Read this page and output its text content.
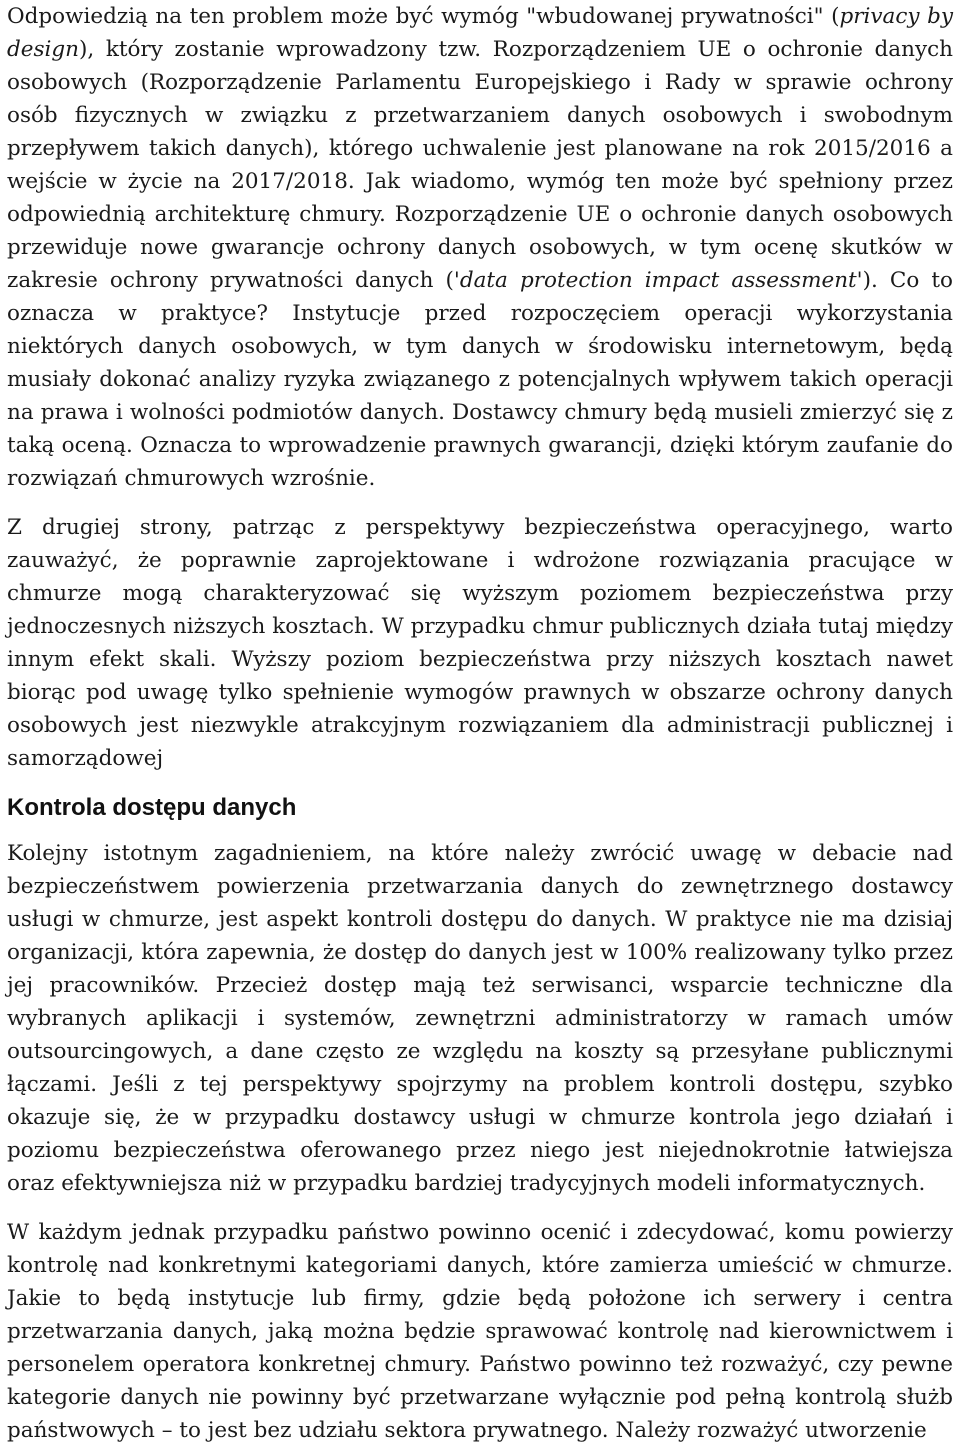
Odpowiedzią na ten problem może być wymóg "wbudowanej prywatności" (privacy by design), który zostanie wprowadzony tzw. Rozporządzeniem UE o ochronie danych osobowych (Rozporządzenie Parlamentu Europejskiego i Rady w sprawie ochrony osób fizycznych w związku z przetwarzaniem danych osobowych i swobodnym przepływem takich danych), którego uchwalenie jest planowane na rok 2015/2016 a wejście w życie na 2017/2018. Jak wiadomo, wymóg ten może być spełniony przez odpowiednią architekturę chmury. Rozporządzenie UE o ochronie danych osobowych przewiduje nowe gwarancje ochrony danych osobowych, w tym ocenę skutków w zakresie ochrony prywatności danych ('data protection impact assessment'). Co to oznacza w praktyce? Instytucje przed rozpoczęciem operacji wykorzystania niektórych danych osobowych, w tym danych w środowisku internetowym, będą musiały dokonać analizy ryzyka związanego z potencjalnych wpływem takich operacji na prawa i wolności podmiotów danych. Dostawcy chmury będą musieli zmierzyć się z taką oceną. Oznacza to wprowadzenie prawnych gwarancji, dzięki którym zaufanie do rozwiązań chmurowych wzrośnie.

Z drugiej strony, patrząc z perspektywy bezpieczeństwa operacyjnego, warto zauważyć, że poprawnie zaprojektowane i wdrożone rozwiązania pracujące w chmurze mogą charakteryzować się wyższym poziomem bezpieczeństwa przy jednoczesnych niższych kosztach. W przypadku chmur publicznych działa tutaj między innym efekt skali. Wyższy poziom bezpieczeństwa przy niższych kosztach nawet biorąc pod uwagę tylko spełnienie wymogów prawnych w obszarze ochrony danych osobowych jest niezwykle atrakcyjnym rozwiązaniem dla administracji publicznej i samorządowej

Kontrola dostępu danych

Kolejny istotnym zagadnieniem, na które należy zwrócić uwagę w debacie nad bezpieczeństwem powierzenia przetwarzania danych do zewnętrznego dostawcy usługi w chmurze, jest aspekt kontroli dostępu do danych. W praktyce nie ma dzisiaj organizacji, która zapewnia, że dostęp do danych jest w 100% realizowany tylko przez jej pracowników. Przecież dostęp mają też serwisanci, wsparcie techniczne dla wybranych aplikacji i systemów, zewnętrzni administratorzy w ramach umów outsourcingowych, a dane często ze względu na koszty są przesyłane publicznymi łączami. Jeśli z tej perspektywy spojrzymy na problem kontroli dostępu, szybko okazuje się, że w przypadku dostawcy usługi w chmurze kontrola jego działań i poziomu bezpieczeństwa oferowanego przez niego jest niejednokrotnie łatwiejsza oraz efektywniejsza niż w przypadku bardziej tradycyjnych modeli informatycznych.

W każdym jednak przypadku państwo powinno ocenić i zdecydować, komu powierzy kontrolę nad konkretnymi kategoriami danych, które zamierza umieścić w chmurze. Jakie to będą instytucje lub firmy, gdzie będą położone ich serwery i centra przetwarzania danych, jaką można będzie sprawować kontrolę nad kierownictwem i personelem operatora konkretnej chmury. Państwo powinno też rozważyć, czy pewne kategorie danych nie powinny być przetwarzane wyłącznie pod pełną kontrolą służb państwowych – to jest bez udziału sektora prywatnego. Należy rozważyć utworzenie
